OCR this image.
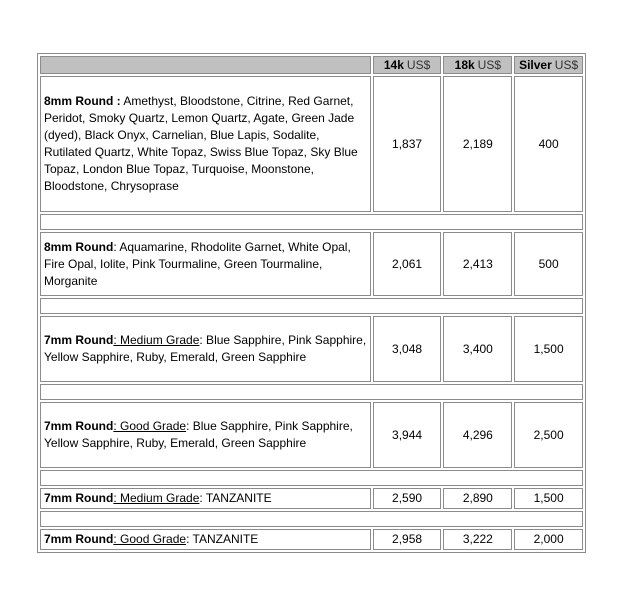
	14k US$	18k US$	Silver US$
8mm Round : Amethyst, Bloodstone, Citrine, Red Garnet, Peridot, Smoky Quartz, Lemon Quartz, Agate, Green Jade (dyed), Black Onyx, Carnelian, Blue Lapis, Sodalite, Rutilated Quartz, White Topaz, Swiss Blue Topaz, Sky Blue Topaz, London Blue Topaz, Turquoise, Moonstone, Bloodstone, Chrysoprase	1,837	2,189	400

8mm Round: Aquamarine, Rhodolite Garnet, White Opal, Fire Opal, Iolite, Pink Tourmaline, Green Tourmaline, Morganite	2,061	2,413	500

7mm Round: Medium Grade: Blue Sapphire, Pink Sapphire, Yellow Sapphire, Ruby, Emerald, Green Sapphire	3,048	3,400	1,500

7mm Round: Good Grade: Blue Sapphire, Pink Sapphire, Yellow Sapphire, Ruby, Emerald, Green Sapphire	3,944	4,296	2,500

7mm Round: Medium Grade: TANZANITE	2,590	2,890	1,500

7mm Round: Good Grade: TANZANITE	2,958	3,222	2,000
